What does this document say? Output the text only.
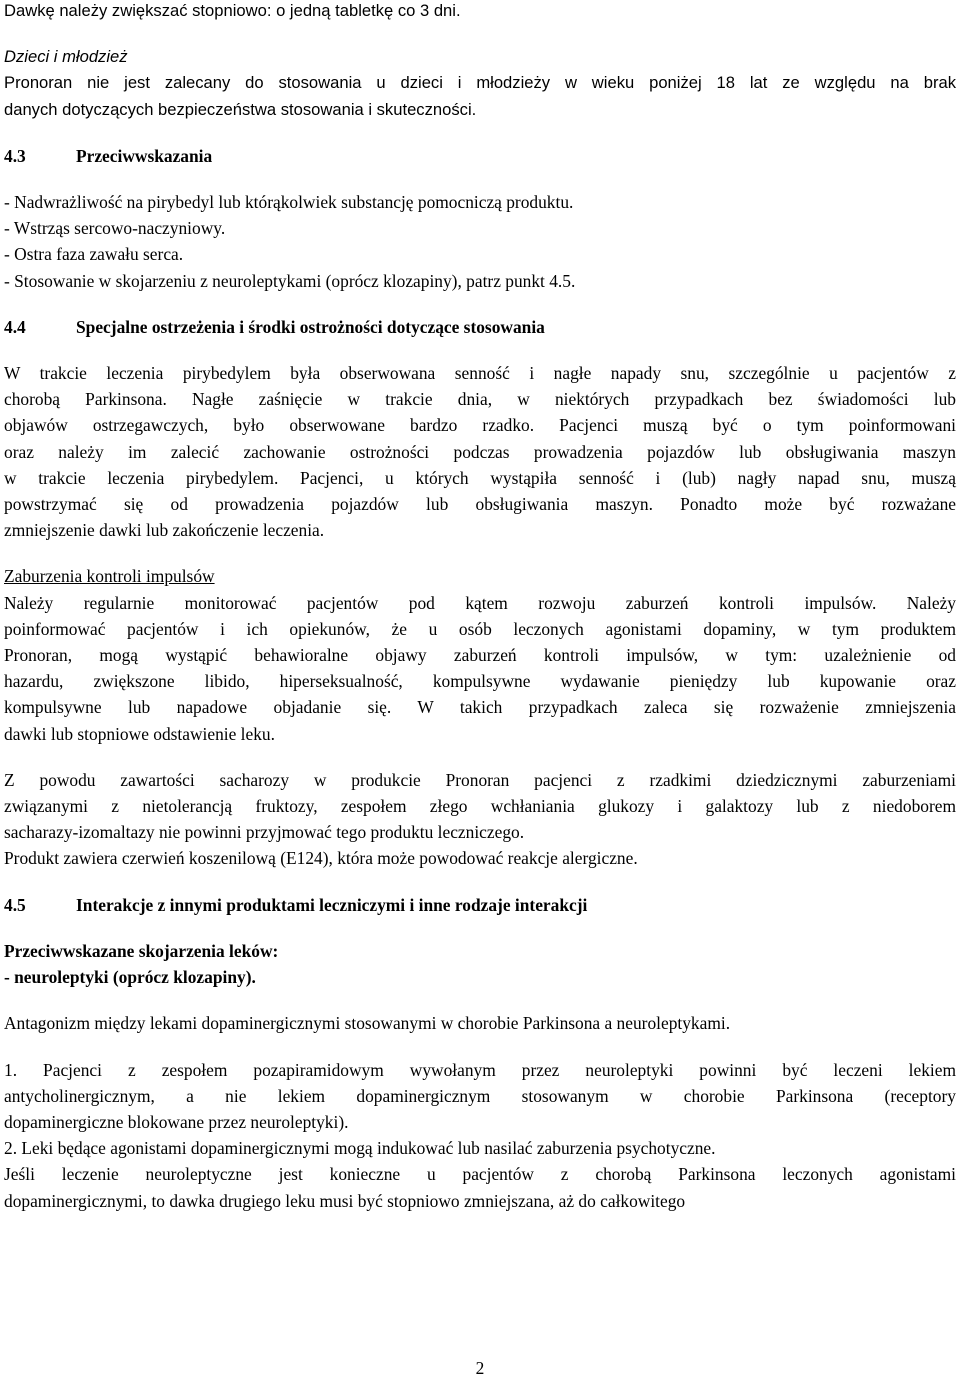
Dawkę należy zwiększać stopniowo: o jedną tabletkę co 3 dni.
Dzieci i młodzież
Pronoran nie jest zalecany do stosowania u dzieci i młodzieży w wieku poniżej 18 lat ze względu na brak
danych dotyczących bezpieczeństwa stosowania i skuteczności.
4.3	Przeciwwskazania
- Nadwrażliwość na pirybedyl lub którąkolwiek substancję pomocniczą produktu.
- Wstrząs sercowo-naczyniowy.
- Ostra faza zawału serca.
- Stosowanie w skojarzeniu z neuroleptykami (oprócz klozapiny), patrz punkt 4.5.
4.4	Specjalne ostrzeżenia i środki ostrożności dotyczące stosowania
W trakcie leczenia pirybedylem była obserwowana senność i nagłe napady snu, szczególnie u pacjentów z
chorobą Parkinsona. Nagłe zaśnięcie w trakcie dnia, w niektórych przypadkach bez świadomości lub
objawów ostrzegawczych, było obserwowane bardzo rzadko. Pacjenci muszą być o tym poinformowani
oraz należy im zalecić zachowanie ostrożności podczas prowadzenia pojazdów lub obsługiwania maszyn
w trakcie leczenia pirybedylem. Pacjenci, u których wystąpiła senność i (lub) nagły napad snu, muszą
powstrzymać się od prowadzenia pojazdów lub obsługiwania maszyn. Ponadto może być rozważane
zmniejszenie dawki lub zakończenie leczenia.
Zaburzenia kontroli impulsów
Należy regularnie monitorować pacjentów pod kątem rozwoju zaburzeń kontroli impulsów. Należy
poinformować pacjentów i ich opiekunów, że u osób leczonych agonistami dopaminy, w tym produktem
Pronoran, mogą wystąpić behawioralne objawy zaburzeń kontroli impulsów, w tym: uzależnienie od
hazardu, zwiększone libido, hiperseksualność, kompulsywne wydawanie pieniędzy lub kupowanie oraz
kompulsywne lub napadowe objadanie się. W takich przypadkach zaleca się rozważenie zmniejszenia
dawki lub stopniowe odstawienie leku.
Z powodu zawartości sacharozy w produkcie Pronoran pacjenci z rzadkimi dziedzicznymi zaburzeniami
związanymi z nietolerancją fruktozy, zespołem złego wchłaniania glukozy i galaktozy lub z niedoborem
sacharazy-izomaltazy nie powinni przyjmować tego produktu leczniczego.
Produkt zawiera czerwień koszenilową (E124), która może powodować reakcje alergiczne.
4.5	Interakcje z innymi produktami leczniczymi i inne rodzaje interakcji
Przeciwwskazane skojarzenia leków:
- neuroleptyki (oprócz klozapiny).
Antagonizm między lekami dopaminergicznymi stosowanymi w chorobie Parkinsona a neuroleptykami.
1. Pacjenci z zespołem pozapiramidowym wywołanym przez neuroleptyki powinni być leczeni lekiem
antycholinergicznym, a nie lekiem dopaminergicznym stosowanym w chorobie Parkinsona (receptory
dopaminergiczne blokowane przez neuroleptyki).
2. Leki będące agonistami dopaminergicznymi mogą indukować lub nasilać zaburzenia psychotyczne.
Jeśli leczenie neuroleptyczne jest konieczne u pacjentów z chorobą Parkinsona leczonych agonistami
dopaminergicznymi, to dawka drugiego leku musi być stopniowo zmniejszana, aż do całkowitego
2
